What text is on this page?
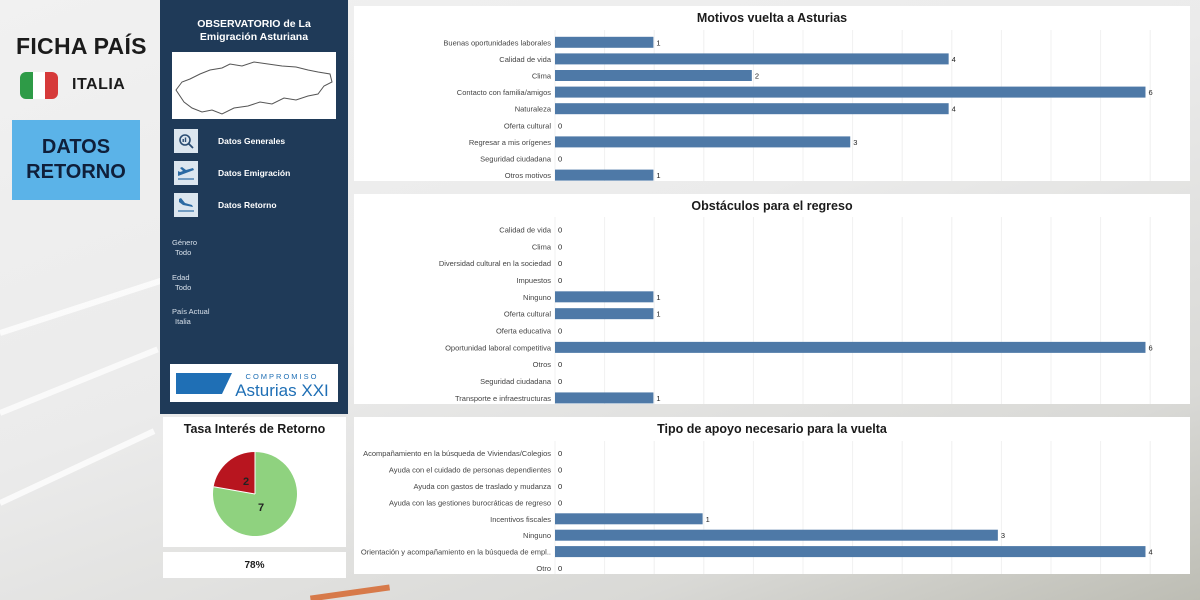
FICHA PAÍS
ITALIA
DATOS
RETORNO
OBSERVATORIO de La
Emigración Asturiana
Datos Generales
Datos Emigración
Datos Retorno
Género
Todo
Edad
Todo
País Actual
Italia
COMPROMISO
Asturias XXI
Motivos vuelta a Asturias
Buenas oportunidades laborales	1
Calidad de vida	4
Clima	2
Contacto con familia/amigos	6
Naturaleza	4
Oferta cultural 0
Regresar a mis orígenes	3
Seguridad ciudadana 0
Otros motivos	1
Obstáculos para el regreso
Calidad de vida 0
Clima 0
Diversidad cultural en la sociedad 0
Impuestos 0
Ninguno	1
Oferta cultural	1
Oferta educativa 0
Oportunidad laboral competitiva	6
Otros 0
Seguridad ciudadana 0
Transporte e infraestructuras	1
Tipo de apoyo necesario para la vuelta
Acompañamiento en la búsqueda de Viviendas/Colegios 0
Ayuda con el cuidado de personas dependientes 0
Ayuda con gastos de traslado y mudanza 0
Ayuda con las gestiones burocráticas de regreso 0
Incentivos fiscales	1
Ninguno	3
Orientación y acompañamiento en la búsqueda de empl..	4
Otro 0
Tasa Interés de Retorno
7
2
78%
